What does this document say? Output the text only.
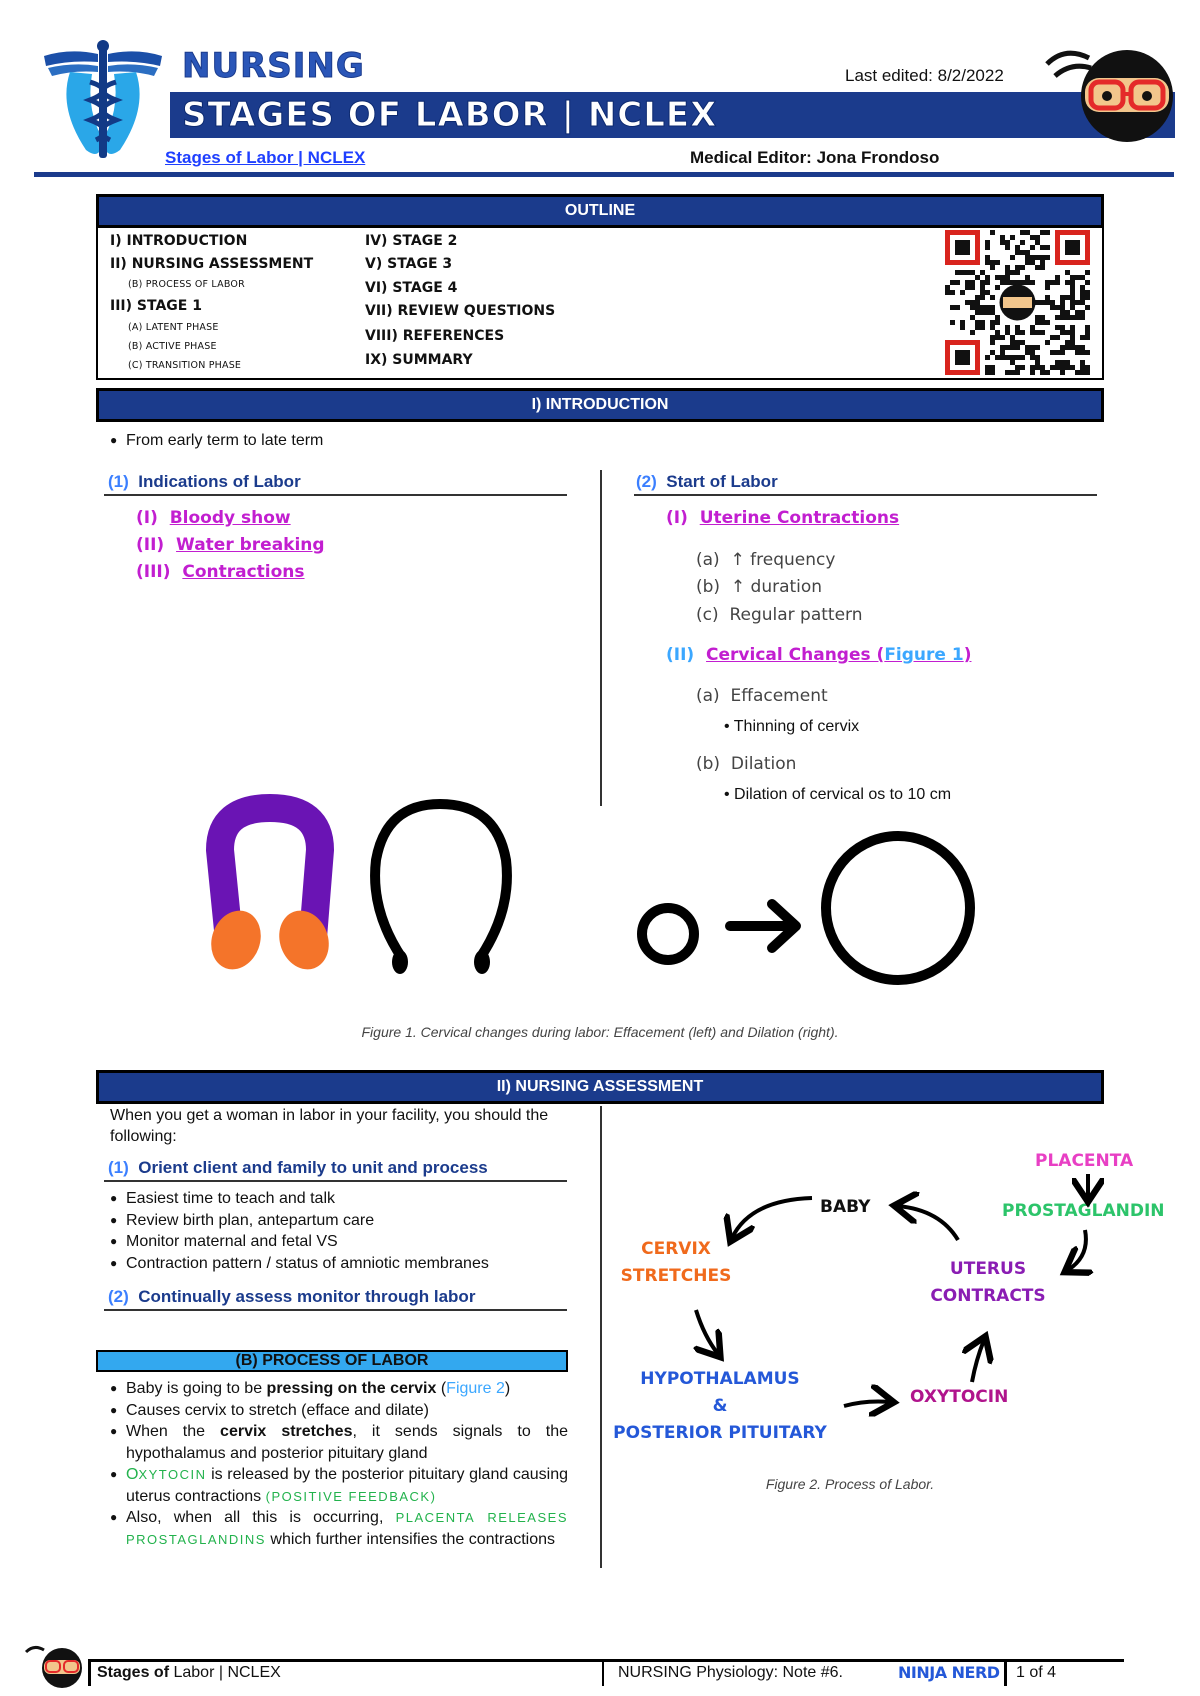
NURSING
STAGES OF LABOR | NCLEX
Last edited: 8/2/2022
Stages of Labor | NCLEX	Medical Editor: Jona Frondoso
OUTLINE
I) INTRODUCTION
II) NURSING ASSESSMENT
(B) PROCESS OF LABOR
III) STAGE 1
(A) LATENT PHASE
(B) ACTIVE PHASE
(C) TRANSITION PHASE
IV) STAGE 2
V) STAGE 3
VI) STAGE 4
VII) REVIEW QUESTIONS
VIII) REFERENCES
IX) SUMMARY
I) INTRODUCTION
● From early term to late term
(1) Indications of Labor
(I) Bloody show
(II) Water breaking
(III) Contractions
(2) Start of Labor
(I) Uterine Contractions
(a) ↑ frequency
(b) ↑ duration
(c) Regular pattern
(II) Cervical Changes (Figure 1)
(a) Effacement
• Thinning of cervix
(b) Dilation
• Dilation of cervical os to 10 cm
Figure 1. Cervical changes during labor: Effacement (left) and Dilation (right).
II) NURSING ASSESSMENT
When you get a woman in labor in your facility, you should the following:
(1) Orient client and family to unit and process
● Easiest time to teach and talk
● Review birth plan, antepartum care
● Monitor maternal and fetal VS
● Contraction pattern / status of amniotic membranes
(2) Continually assess monitor through labor
(B) PROCESS OF LABOR
● Baby is going to be pressing on the cervix (Figure 2)
● Causes cervix to stretch (efface and dilate)
● When the cervix stretches, it sends signals to the hypothalamus and posterior pituitary gland
● OXYTOCIN is released by the posterior pituitary gland causing uterus contractions (POSITIVE FEEDBACK)
● Also, when all this is occurring, PLACENTA RELEASES PROSTAGLANDINS which further intensifies the contractions
BABY
PLACENTA
PROSTAGLANDIN
CERVIX
STRETCHES	UTERUS
CONTRACTS
HYPOTHALAMUS
&
POSTERIOR PITUITARY
OXYTOCIN
Figure 2. Process of Labor.
Stages of Labor | NCLEX	NURSING Physiology: Note #6.	NINJA NERD 1 of 4
